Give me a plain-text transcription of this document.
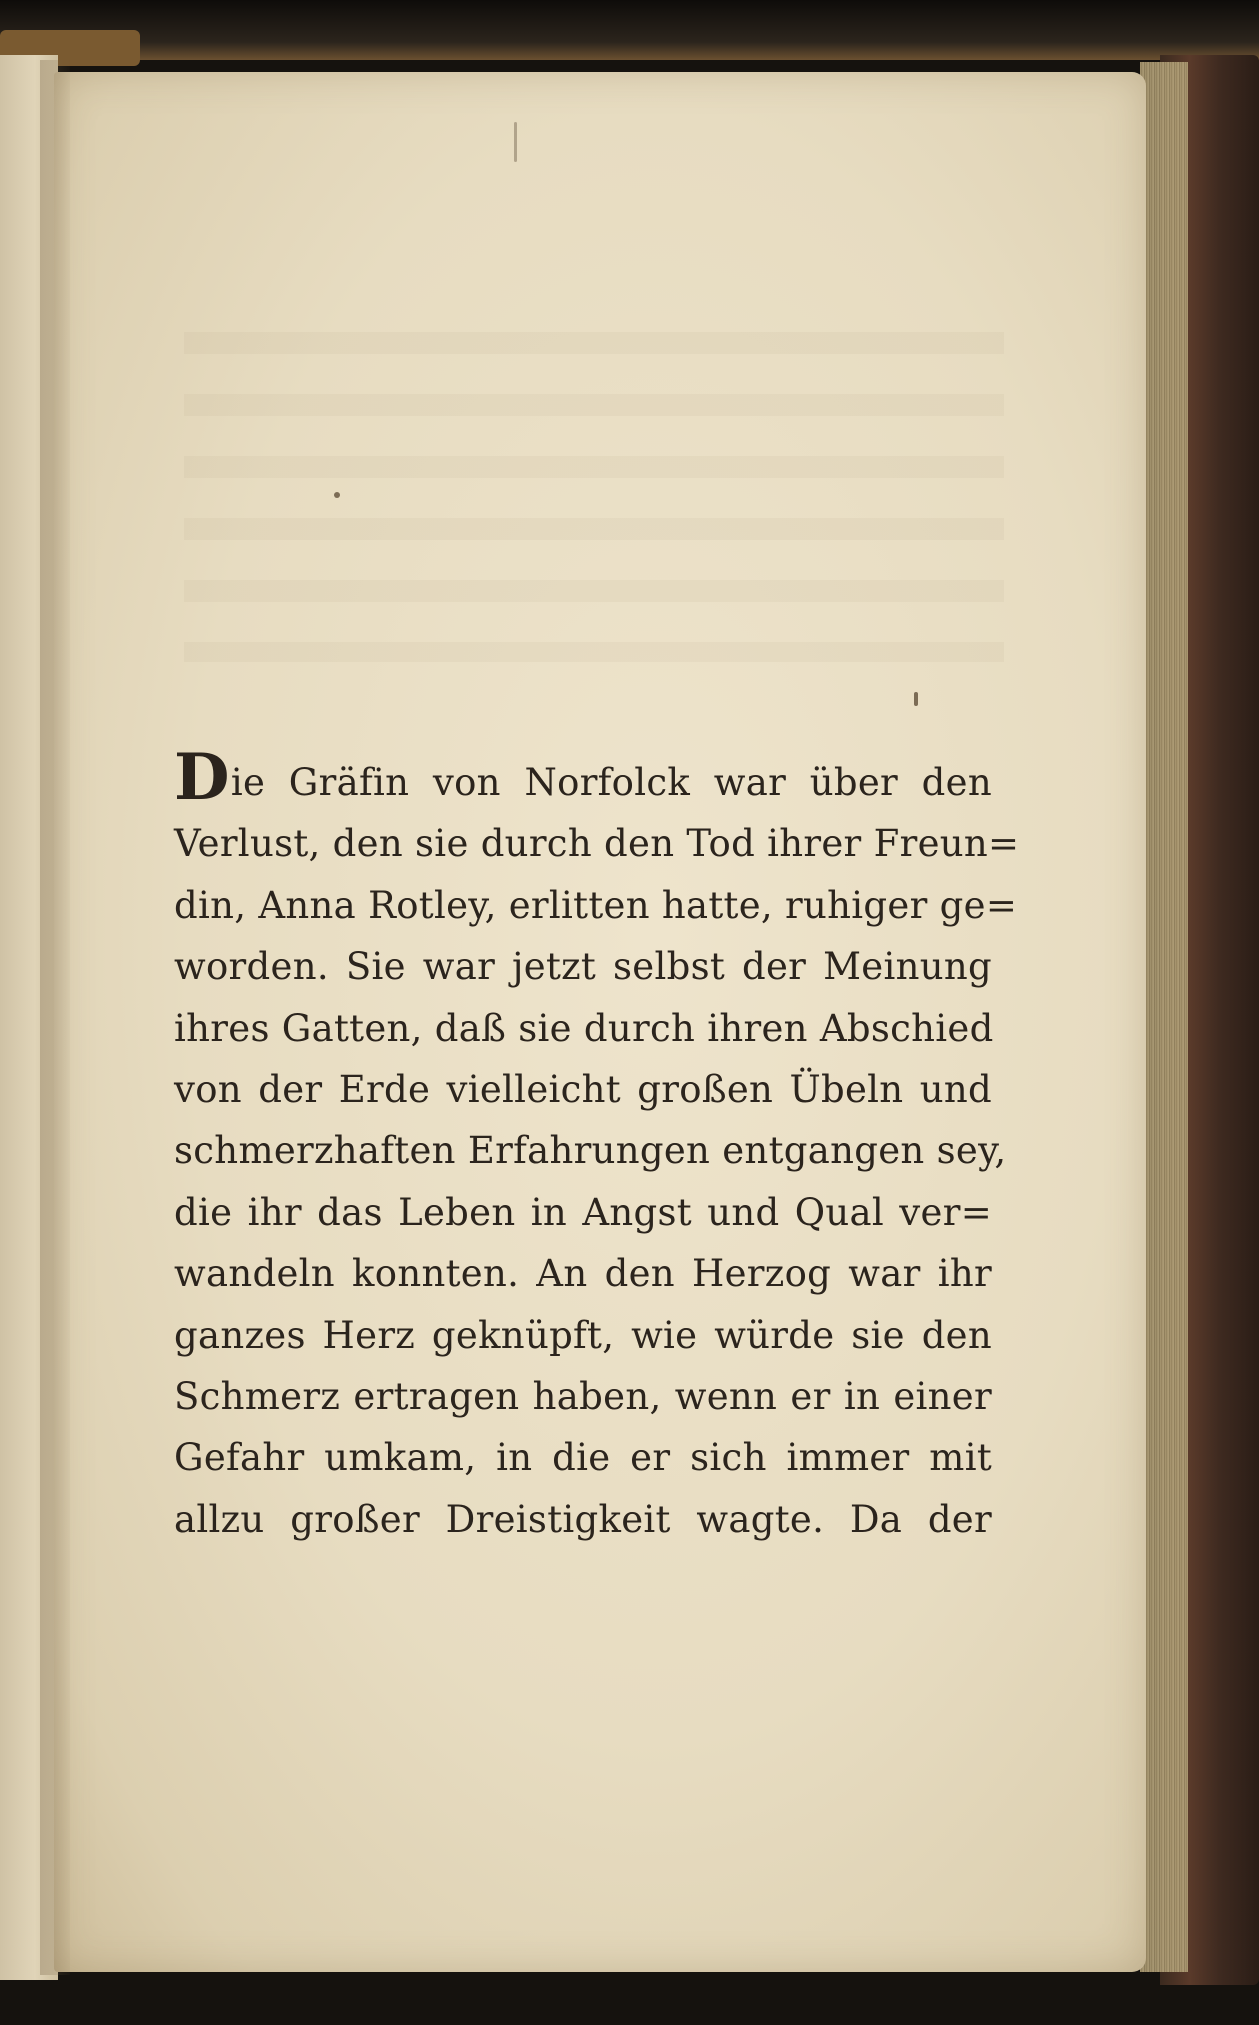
Die Gräfin von Norfolck war über den
Verlust, den sie durch den Tod ihrer Freun=
din, Anna Rotley, erlitten hatte, ruhiger ge=
worden. Sie war jetzt selbst der Meinung
ihres Gatten, daß sie durch ihren Abschied
von der Erde vielleicht großen Übeln und
schmerzhaften Erfahrungen entgangen sey,
die ihr das Leben in Angst und Qual ver=
wandeln konnten. An den Herzog war ihr
ganzes Herz geknüpft, wie würde sie den
Schmerz ertragen haben, wenn er in einer
Gefahr umkam, in die er sich immer mit
allzu großer Dreistigkeit wagte. Da der
